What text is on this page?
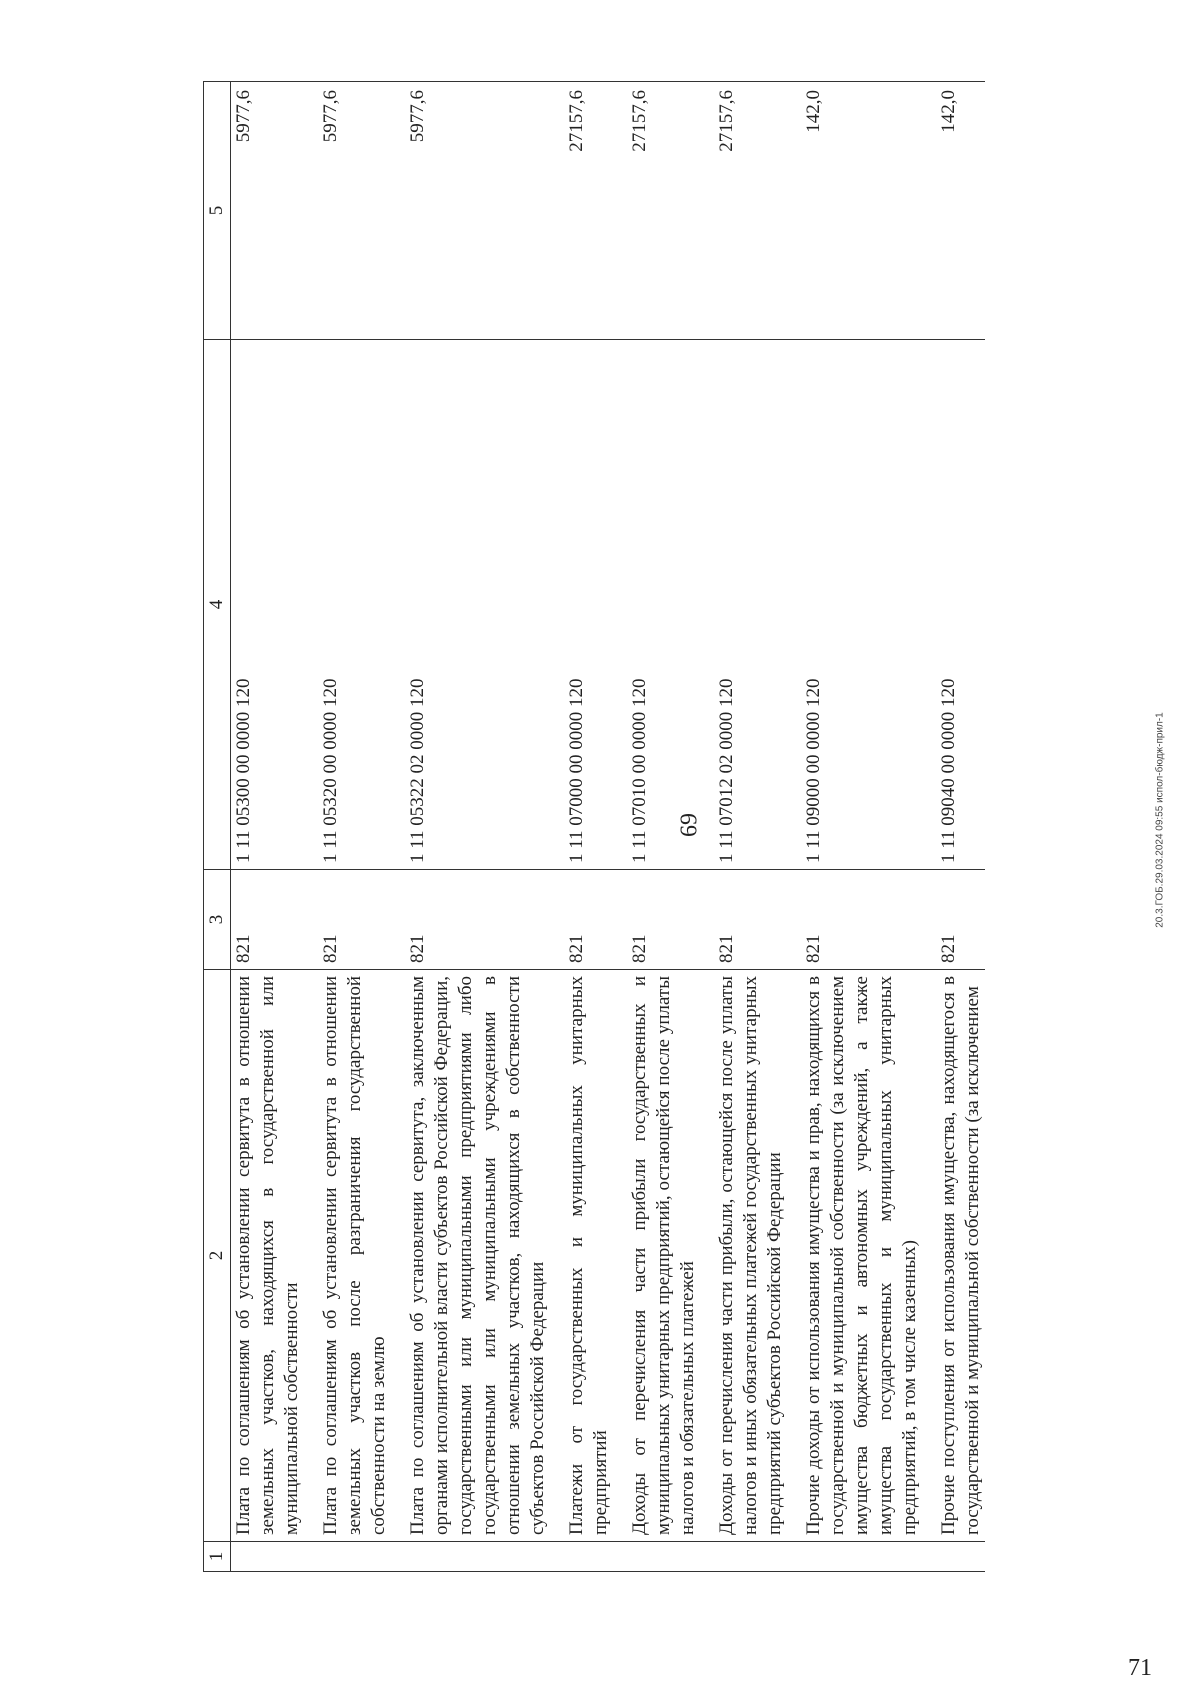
69	20.3.ГОБ.29.03.2024 09:55 испол-бюдж-прил-1
71
1	2	3	4	5
	Плата по соглашениям об установлении сервитута в отношении земельных участков, находящихся в государственной или муниципальной собственности	821	1 11 05300 00 0000 120	5977,6
	Плата по соглашениям об установлении сервитута в отношении земельных участков после разграничения государственной собственности на землю	821	1 11 05320 00 0000 120	5977,6
	Плата по соглашениям об установлении сервитута, заключенным органами исполнительной власти субъектов Российской Федерации, государственными или муниципальными предприятиями либо государственными или муниципальными учреждениями в отношении земельных участков, находящихся в собственности субъектов Российской Федерации	821	1 11 05322 02 0000 120	5977,6
	Платежи от государственных и муниципальных унитарных предприятий	821	1 11 07000 00 0000 120	27157,6
	Доходы от перечисления части прибыли государственных и муниципальных унитарных предприятий, остающейся после уплаты налогов и обязательных платежей	821	1 11 07010 00 0000 120	27157,6
	Доходы от перечисления части прибыли, остающейся после уплаты налогов и иных обязательных платежей государственных унитарных предприятий субъектов Российской Федерации	821	1 11 07012 02 0000 120	27157,6
	Прочие доходы от использования имущества и прав, находящихся в государственной и муниципальной собственности (за исключением имущества бюджетных и автономных учреждений, а также имущества государственных и муниципальных унитарных предприятий, в том числе казенных)	821	1 11 09000 00 0000 120	142,0
	Прочие поступления от использования имущества, находящегося в государственной и муниципальной собственности (за исключением	821	1 11 09040 00 0000 120	142,0
